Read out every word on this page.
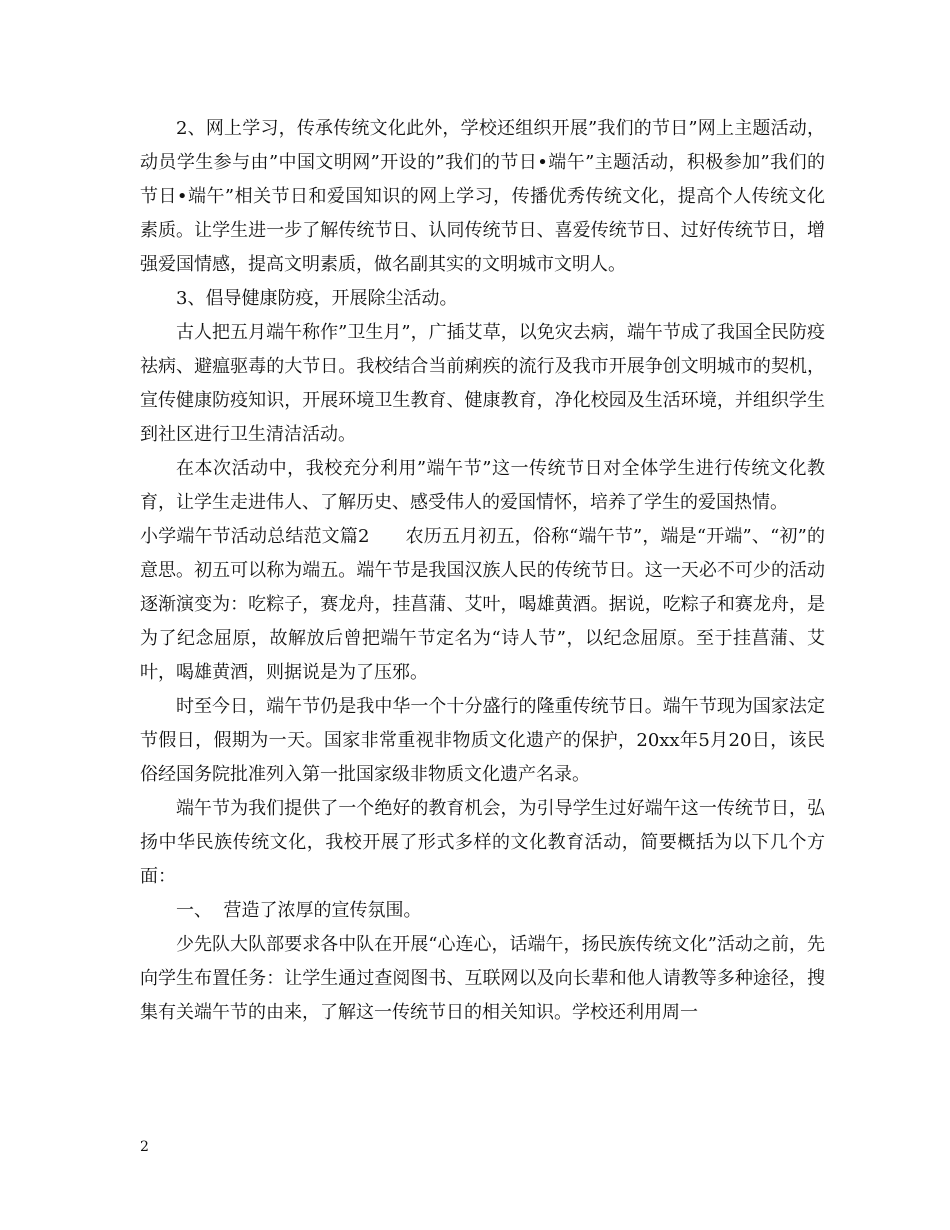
2、网上学习，传承传统文化此外，学校还组织开展”我们的节日”网上主题活动，动员学生参与由”中国文明网”开设的”我们的节日•端午”主题活动，积极参加”我们的节日•端午”相关节日和爱国知识的网上学习，传播优秀传统文化，提高个人传统文化素质。让学生进一步了解传统节日、认同传统节日、喜爱传统节日、过好传统节日，增强爱国情感，提高文明素质，做名副其实的文明城市文明人。

3、倡导健康防疫，开展除尘活动。

古人把五月端午称作”卫生月”，广插艾草，以免灾去病，端午节成了我国全民防疫祛病、避瘟驱毒的大节日。我校结合当前痢疾的流行及我市开展争创文明城市的契机，宣传健康防疫知识，开展环境卫生教育、健康教育，净化校园及生活环境，并组织学生到社区进行卫生清洁活动。

在本次活动中，我校充分利用”端午节”这一传统节日对全体学生进行传统文化教育，让学生走进伟人、了解历史、感受伟人的爱国情怀，培养了学生的爱国热情。

小学端午节活动总结范文篇2 农历五月初五，俗称“端午节”，端是“开端”、“初”的意思。初五可以称为端五。端午节是我国汉族人民的传统节日。这一天必不可少的活动逐渐演变为：吃粽子，赛龙舟，挂菖蒲、艾叶，喝雄黄酒。据说，吃粽子和赛龙舟，是为了纪念屈原，故解放后曾把端午节定名为“诗人节”，以纪念屈原。至于挂菖蒲、艾叶，喝雄黄酒，则据说是为了压邪。

时至今日，端午节仍是我中华一个十分盛行的隆重传统节日。端午节现为国家法定节假日，假期为一天。国家非常重视非物质文化遗产的保护，20xx年5月20日，该民俗经国务院批准列入第一批国家级非物质文化遗产名录。

端午节为我们提供了一个绝好的教育机会，为引导学生过好端午这一传统节日，弘扬中华民族传统文化，我校开展了形式多样的文化教育活动，简要概括为以下几个方面：

一、  营造了浓厚的宣传氛围。

少先队大队部要求各中队在开展“心连心，话端午，扬民族传统文化”活动之前，先向学生布置任务：让学生通过查阅图书、互联网以及向长辈和他人请教等多种途径，搜集有关端午节的由来，了解这一传统节日的相关知识。学校还利用周一

2
